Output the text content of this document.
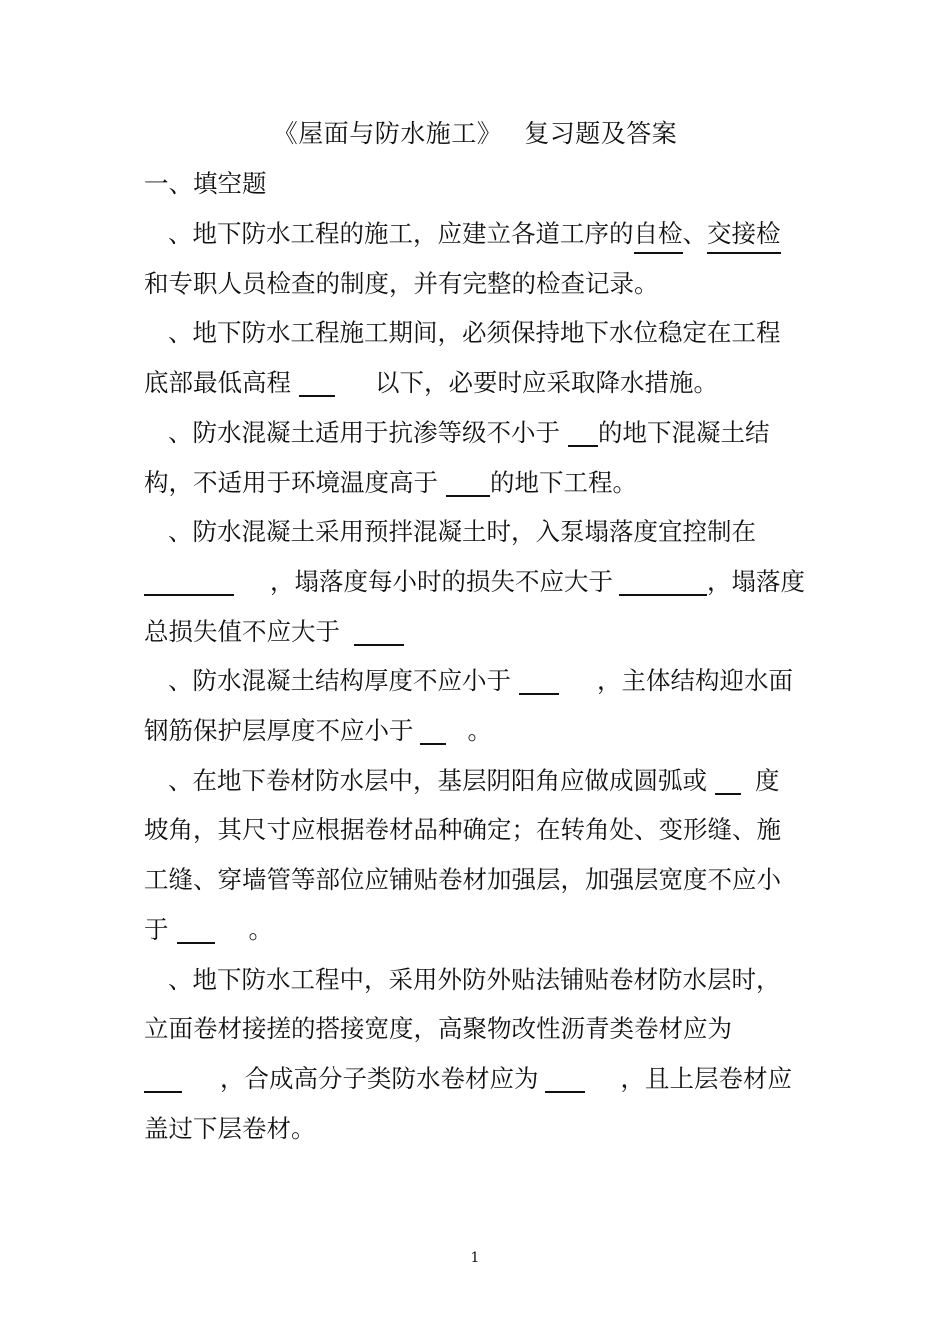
《屋面与防水施工》 复习题及答案
一、填空题
、地下防水工程的施工，应建立各道工序的自检、交接检
和专职人员检查的制度，并有完整的检查记录。
、地下防水工程施工期间，必须保持地下水位稳定在工程
底部最低高程	以下，必要时应采取降水措施。
、防水混凝土适用于抗渗等级不小于 的地下混凝土结
构，不适用于环境温度高于 的地下工程。
、防水混凝土采用预拌混凝土时，入泵塌落度宜控制在
，塌落度每小时的损失不应大于	，塌落度
总损失值不应大于
、防水混凝土结构厚度不应小于	，主体结构迎水面
钢筋保护层厚度不应小于 。
、在地下卷材防水层中，基层阴阳角应做成圆弧或 度
坡角，其尺寸应根据卷材品种确定；在转角处、变形缝、施
工缝、穿墙管等部位应铺贴卷材加强层，加强层宽度不应小
于	。
、地下防水工程中，采用外防外贴法铺贴卷材防水层时，
立面卷材接搓的搭接宽度，高聚物改性沥青类卷材应为
，合成高分子类防水卷材应为	，且上层卷材应
盖过下层卷材。
1
